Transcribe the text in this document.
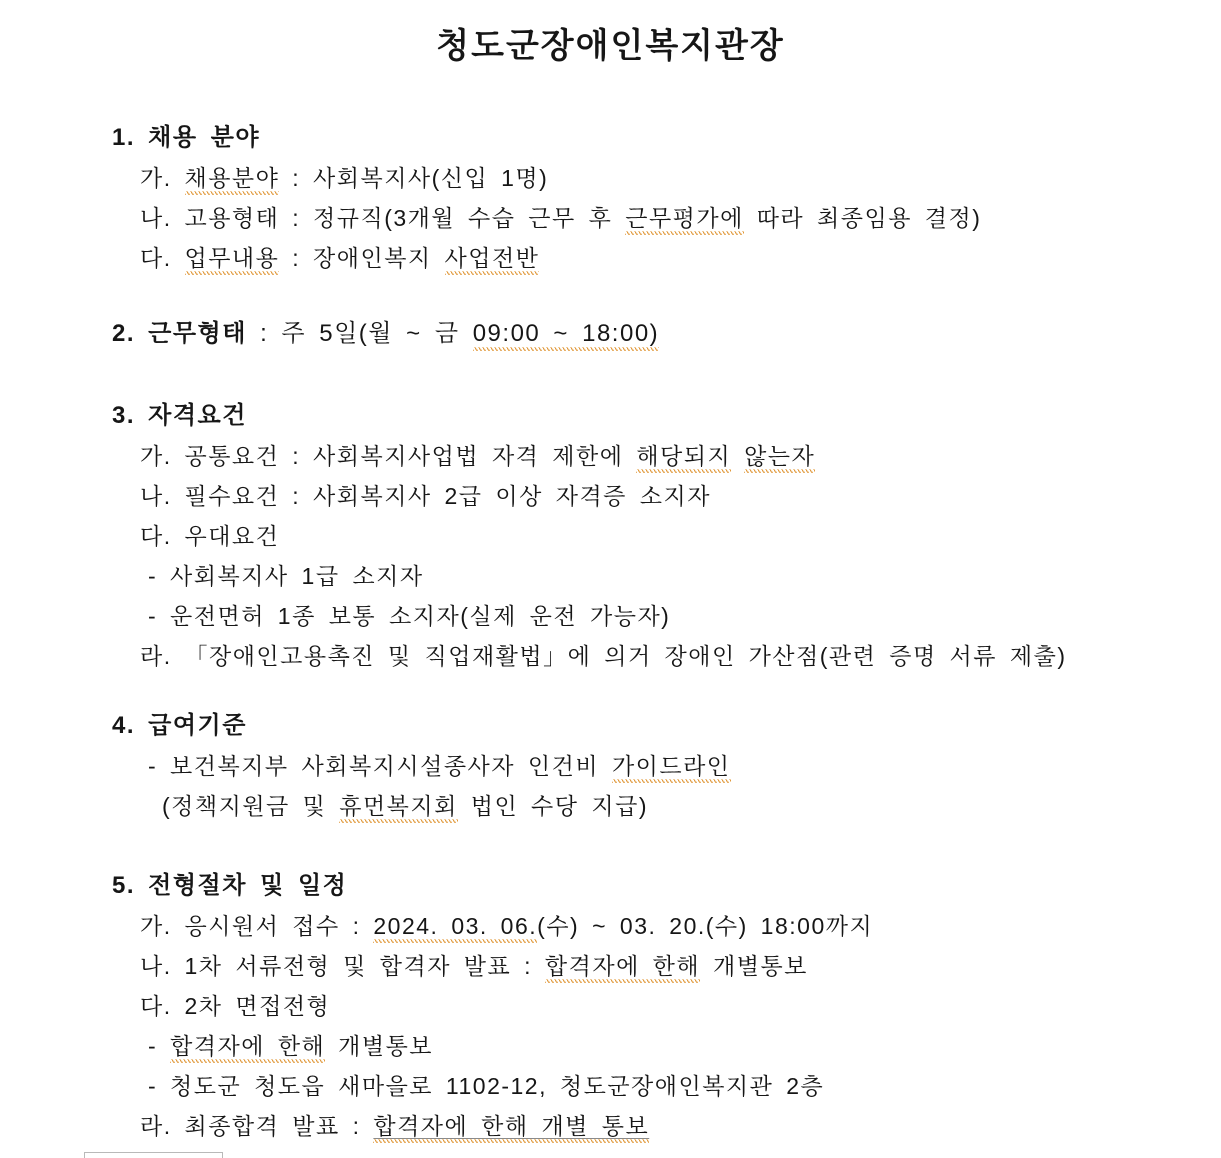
청도군장애인복지관장
1. 채용 분야
가. 채용분야 : 사회복지사(신입 1명)
나. 고용형태 : 정규직(3개월 수습 근무 후 근무평가에 따라 최종임용 결정)
다. 업무내용 : 장애인복지 사업전반
2. 근무형태 : 주 5일(월 ~ 금 09:00 ~ 18:00)
3. 자격요건
가. 공통요건 : 사회복지사업법 자격 제한에 해당되지 않는자
나. 필수요건 : 사회복지사 2급 이상 자격증 소지자
다. 우대요건
- 사회복지사 1급 소지자
- 운전면허 1종 보통 소지자(실제 운전 가능자)
라. 「장애인고용촉진 및 직업재활법」에 의거 장애인 가산점(관련 증명 서류 제출)
4. 급여기준
- 보건복지부 사회복지시설종사자 인건비 가이드라인
(정책지원금 및 휴먼복지회 법인 수당 지급)
5. 전형절차 및 일정
가. 응시원서 접수 : 2024. 03. 06.(수) ~ 03. 20.(수) 18:00까지
나. 1차 서류전형 및 합격자 발표 : 합격자에 한해 개별통보
다. 2차 면접전형
- 합격자에 한해 개별통보
- 청도군 청도읍 새마을로 1102-12, 청도군장애인복지관 2층
라. 최종합격 발표 : 합격자에 한해 개별 통보
